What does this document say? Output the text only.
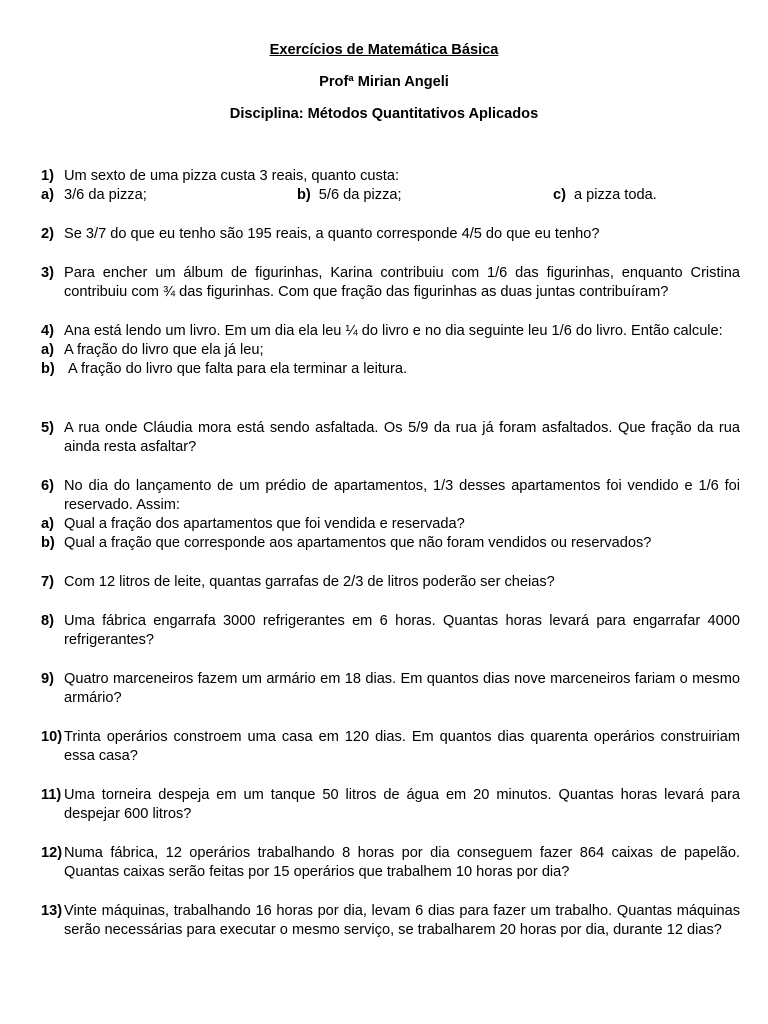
Exercícios de Matemática Básica
Profª Mirian Angeli
Disciplina: Métodos Quantitativos Aplicados
1) Um sexto de uma pizza custa 3 reais, quanto custa:
a) 3/6 da pizza;	b) 5/6 da pizza;	c) a pizza toda.
2) Se 3/7 do que eu tenho são 195 reais, a quanto corresponde 4/5 do que eu tenho?
3) Para encher um álbum de figurinhas, Karina contribuiu com 1/6 das figurinhas, enquanto Cristina contribuiu com ¾ das figurinhas. Com que fração das figurinhas as duas juntas contribuíram?
4) Ana está lendo um livro. Em um dia ela leu ¼ do livro e no dia seguinte leu 1/6 do livro. Então calcule:
a) A fração do livro que ela já leu;
b) A fração do livro que falta para ela terminar a leitura.
5) A rua onde Cláudia mora está sendo asfaltada. Os 5/9 da rua já foram asfaltados. Que fração da rua ainda resta asfaltar?
6) No dia do lançamento de um prédio de apartamentos, 1/3 desses apartamentos foi vendido e 1/6 foi reservado. Assim:
a) Qual a fração dos apartamentos que foi vendida e reservada?
b) Qual a fração que corresponde aos apartamentos que não foram vendidos ou reservados?
7) Com 12 litros de leite, quantas garrafas de 2/3 de litros poderão ser cheias?
8) Uma fábrica engarrafa 3000 refrigerantes em 6 horas. Quantas horas levará para engarrafar 4000 refrigerantes?
9) Quatro marceneiros fazem um armário em 18 dias. Em quantos dias nove marceneiros fariam o mesmo armário?
10) Trinta operários constroem uma casa em 120 dias. Em quantos dias quarenta operários construiriam essa casa?
11) Uma torneira despeja em um tanque 50 litros de água em 20 minutos. Quantas horas levará para despejar 600 litros?
12) Numa fábrica, 12 operários trabalhando 8 horas por dia conseguem fazer 864 caixas de papelão. Quantas caixas serão feitas por 15 operários que trabalhem 10 horas por dia?
13) Vinte máquinas, trabalhando 16 horas por dia, levam 6 dias para fazer um trabalho. Quantas máquinas serão necessárias para executar o mesmo serviço, se trabalharem 20 horas por dia, durante 12 dias?
